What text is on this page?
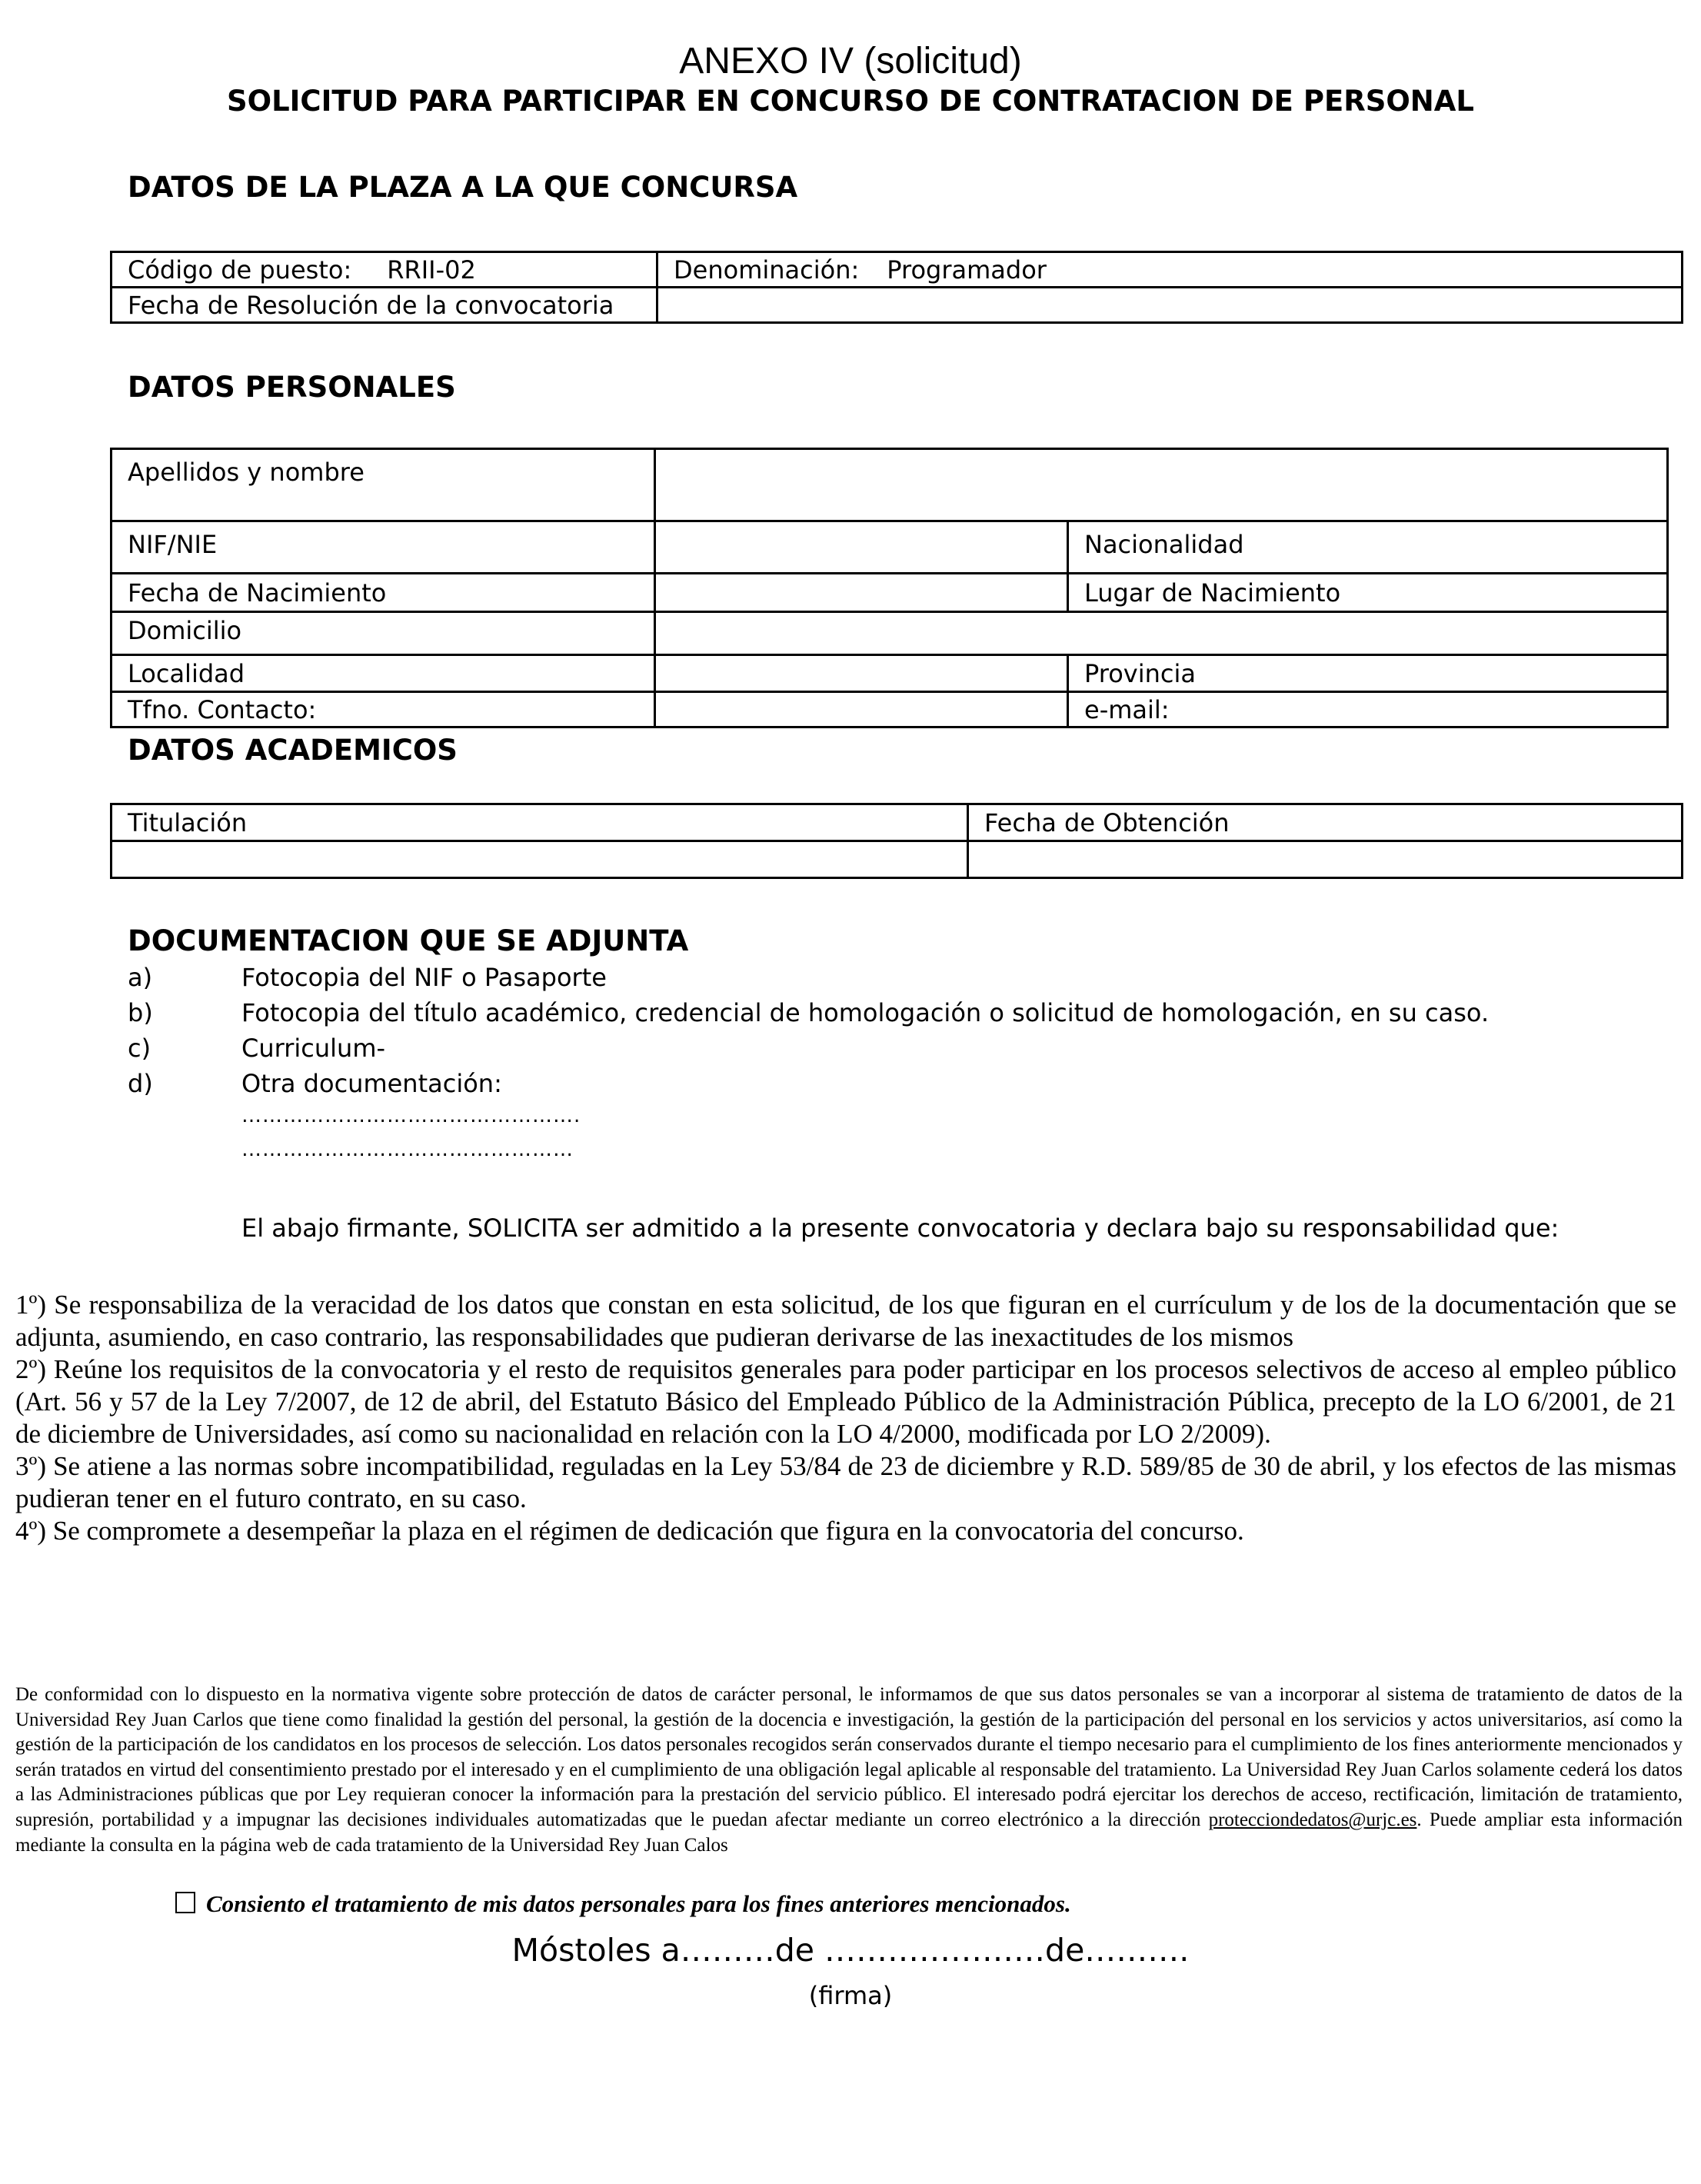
ANEXO IV (solicitud)
SOLICITUD PARA PARTICIPAR EN CONCURSO DE CONTRATACION DE PERSONAL
DATOS DE LA PLAZA A LA QUE CONCURSA
Código de puesto: RRII-02	Denominación: Programador
Fecha de Resolución de la convocatoria	
DATOS PERSONALES
Apellidos y nombre		
NIF/NIE		Nacionalidad
Fecha de Nacimiento		Lugar de Nacimiento
Domicilio		
Localidad		Provincia
Tfno. Contacto:		e-mail:
DATOS ACADEMICOS
Titulación	Fecha de Obtención

DOCUMENTACION QUE SE ADJUNTA
a)	Fotocopia del NIF o Pasaporte
b)	Fotocopia del título académico, credencial de homologación o solicitud de homologación, en su caso.
c)	Curriculum-
d)	Otra documentación:
………………………………………….
…………………………………………
El abajo firmante, SOLICITA ser admitido a la presente convocatoria y declara bajo su responsabilidad que:

1º) Se responsabiliza de la veracidad de los datos que constan en esta solicitud, de los que figuran en el currículum y de los de la documentación que se adjunta, asumiendo, en caso contrario, las responsabilidades que pudieran derivarse de las inexactitudes de los mismos

2º) Reúne los requisitos de la convocatoria y el resto de requisitos generales para poder participar en los procesos selectivos de acceso al empleo público (Art. 56 y 57 de la Ley 7/2007, de 12 de abril, del Estatuto Básico del Empleado Público de la Administración Pública, precepto de la LO 6/2001, de 21 de diciembre de Universidades, así como su nacionalidad en relación con la LO 4/2000, modificada por LO 2/2009).

3º) Se atiene a las normas sobre incompatibilidad, reguladas en la Ley 53/84 de 23 de diciembre y R.D. 589/85 de 30 de abril, y los efectos de las mismas pudieran tener en el futuro contrato, en su caso.

4º) Se compromete a desempeñar la plaza en el régimen de dedicación que figura en la convocatoria del concurso.

De conformidad con lo dispuesto en la normativa vigente sobre protección de datos de carácter personal, le informamos de que sus datos personales se van a incorporar al sistema de tratamiento de datos de la Universidad Rey Juan Carlos que tiene como finalidad la gestión del personal, la gestión de la docencia e investigación, la gestión de la participación del personal en los servicios y actos universitarios, así como la gestión de la participación de los candidatos en los procesos de selección. Los datos personales recogidos serán conservados durante el tiempo necesario para el cumplimiento de los fines anteriormente mencionados y serán tratados en virtud del consentimiento prestado por el interesado y en el cumplimiento de una obligación legal aplicable al responsable del tratamiento. La Universidad Rey Juan Carlos solamente cederá los datos a las Administraciones públicas que por Ley requieran conocer la información para la prestación del servicio público. El interesado podrá ejercitar los derechos de acceso, rectificación, limitación de tratamiento, supresión, portabilidad y a impugnar las decisiones individuales automatizadas que le puedan afectar mediante un correo electrónico a la dirección protecciondedatos@urjc.es. Puede ampliar esta información mediante la consulta en la página web de cada tratamiento de la Universidad Rey Juan Calos
Consiento el tratamiento de mis datos personales para los fines anteriores mencionados.
Móstoles a………de …………………de……….
(firma)
